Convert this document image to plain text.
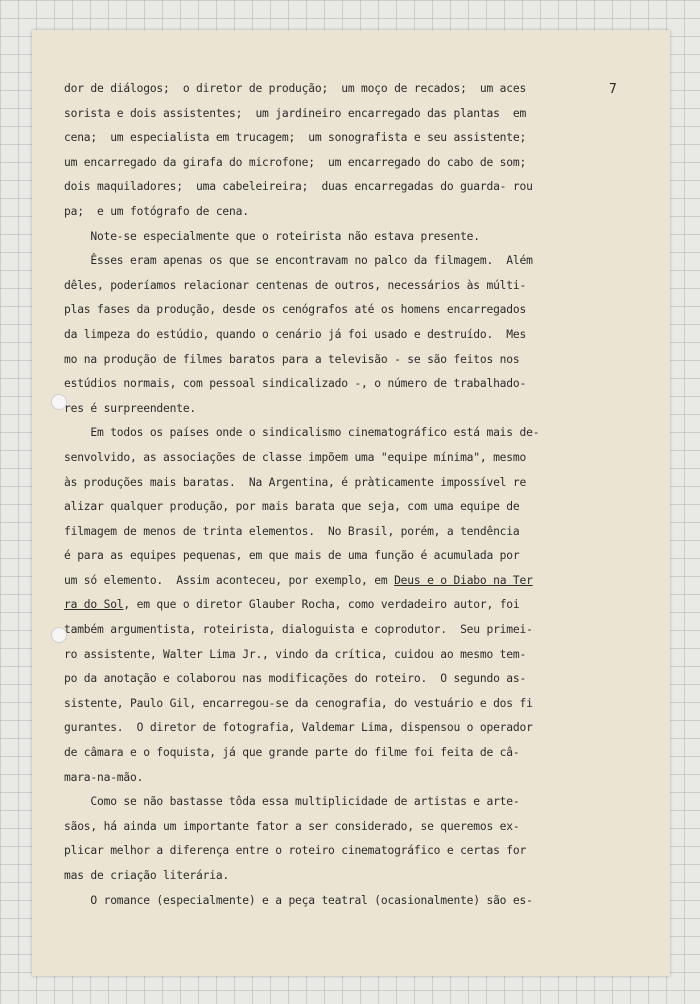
7
dor de diálogos;  o diretor de produção;  um moço de recados;  um aces
sorista e dois assistentes;  um jardineiro encarregado das plantas  em
cena;  um especialista em trucagem;  um sonografista e seu assistente;
um encarregado da girafa do microfone;  um encarregado do cabo de som;
dois maquiladores;  uma cabeleireira;  duas encarregadas do guarda- rou
pa;  e um fotógrafo de cena.
Note-se especialmente que o roteirista não estava presente.
Êsses eram apenas os que se encontravam no palco da filmagem.  Além
dêles, poderíamos relacionar centenas de outros, necessários às múlti-
plas fases da produção, desde os cenógrafos até os homens encarregados
da limpeza do estúdio, quando o cenário já foi usado e destruído.  Mes
mo na produção de filmes baratos para a televisão - se são feitos nos
estúdios normais, com pessoal sindicalizado -, o número de trabalhado-
res é surpreendente.
Em todos os países onde o sindicalismo cinematográfico está mais de-
senvolvido, as associações de classe impõem uma "equipe mínima", mesmo
às produções mais baratas.  Na Argentina, é pràticamente impossível re
alizar qualquer produção, por mais barata que seja, com uma equipe de
filmagem de menos de trinta elementos.  No Brasil, porém, a tendência
é para as equipes pequenas, em que mais de uma função é acumulada por
um só elemento.  Assim aconteceu, por exemplo, em Deus e o Diabo na Ter
ra do Sol, em que o diretor Glauber Rocha, como verdadeiro autor, foi
também argumentista, roteirista, dialoguista e coprodutor.  Seu primei-
ro assistente, Walter Lima Jr., vindo da crítica, cuidou ao mesmo tem-
po da anotação e colaborou nas modificações do roteiro.  O segundo as-
sistente, Paulo Gil, encarregou-se da cenografia, do vestuário e dos fi
gurantes.  O diretor de fotografia, Valdemar Lima, dispensou o operador
de câmara e o foquista, já que grande parte do filme foi feita de câ-
mara-na-mão.
Como se não bastasse tôda essa multiplicidade de artistas e arte-
sãos, há ainda um importante fator a ser considerado, se queremos ex-
plicar melhor a diferença entre o roteiro cinematográfico e certas for
mas de criação literária.
O romance (especialmente) e a peça teatral (ocasionalmente) são es-
